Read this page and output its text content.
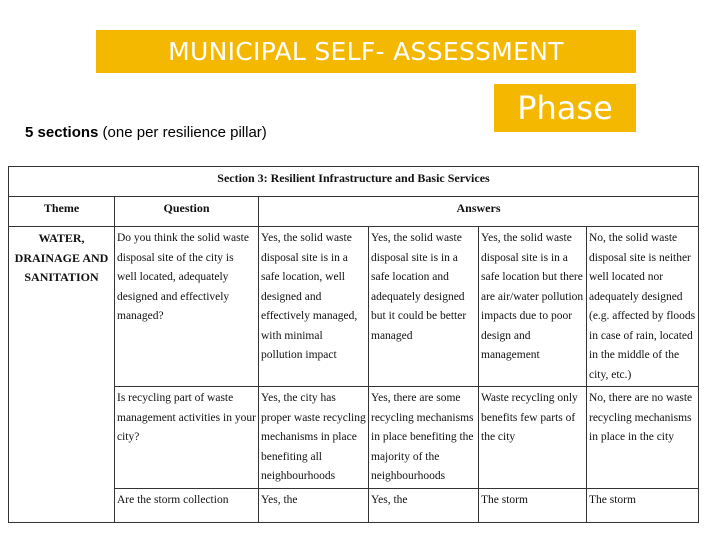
MUNICIPAL SELF- ASSESSMENT
Phase
5 sections (one per resilience pillar)
Section 3: Resilient Infrastructure and Basic Services					
Theme	Question	Answers			
WATER, DRAINAGE AND SANITATION	Do you think the solid waste disposal site of the city is well located, adequately designed and effectively managed?	Yes, the solid waste disposal site is in a safe location, well designed and effectively managed, with minimal pollution impact	Yes, the solid waste disposal site is in a safe location and adequately designed but it could be better managed	Yes, the solid waste disposal site is in a safe location but there are air/water pollution impacts due to poor design and management	No, the solid waste disposal site is neither well located nor adequately designed (e.g. affected by floods in case of rain, located in the middle of the city, etc.)
	Is recycling part of waste management activities in your city?	Yes, the city has proper waste recycling mechanisms in place benefiting all neighbourhoods	Yes, there are some recycling mechanisms in place benefiting the majority of the neighbourhoods	Waste recycling only benefits few parts of the city	No, there are no waste recycling mechanisms in place in the city
	Are the storm collection	Yes, the	Yes, the	The storm	The storm
